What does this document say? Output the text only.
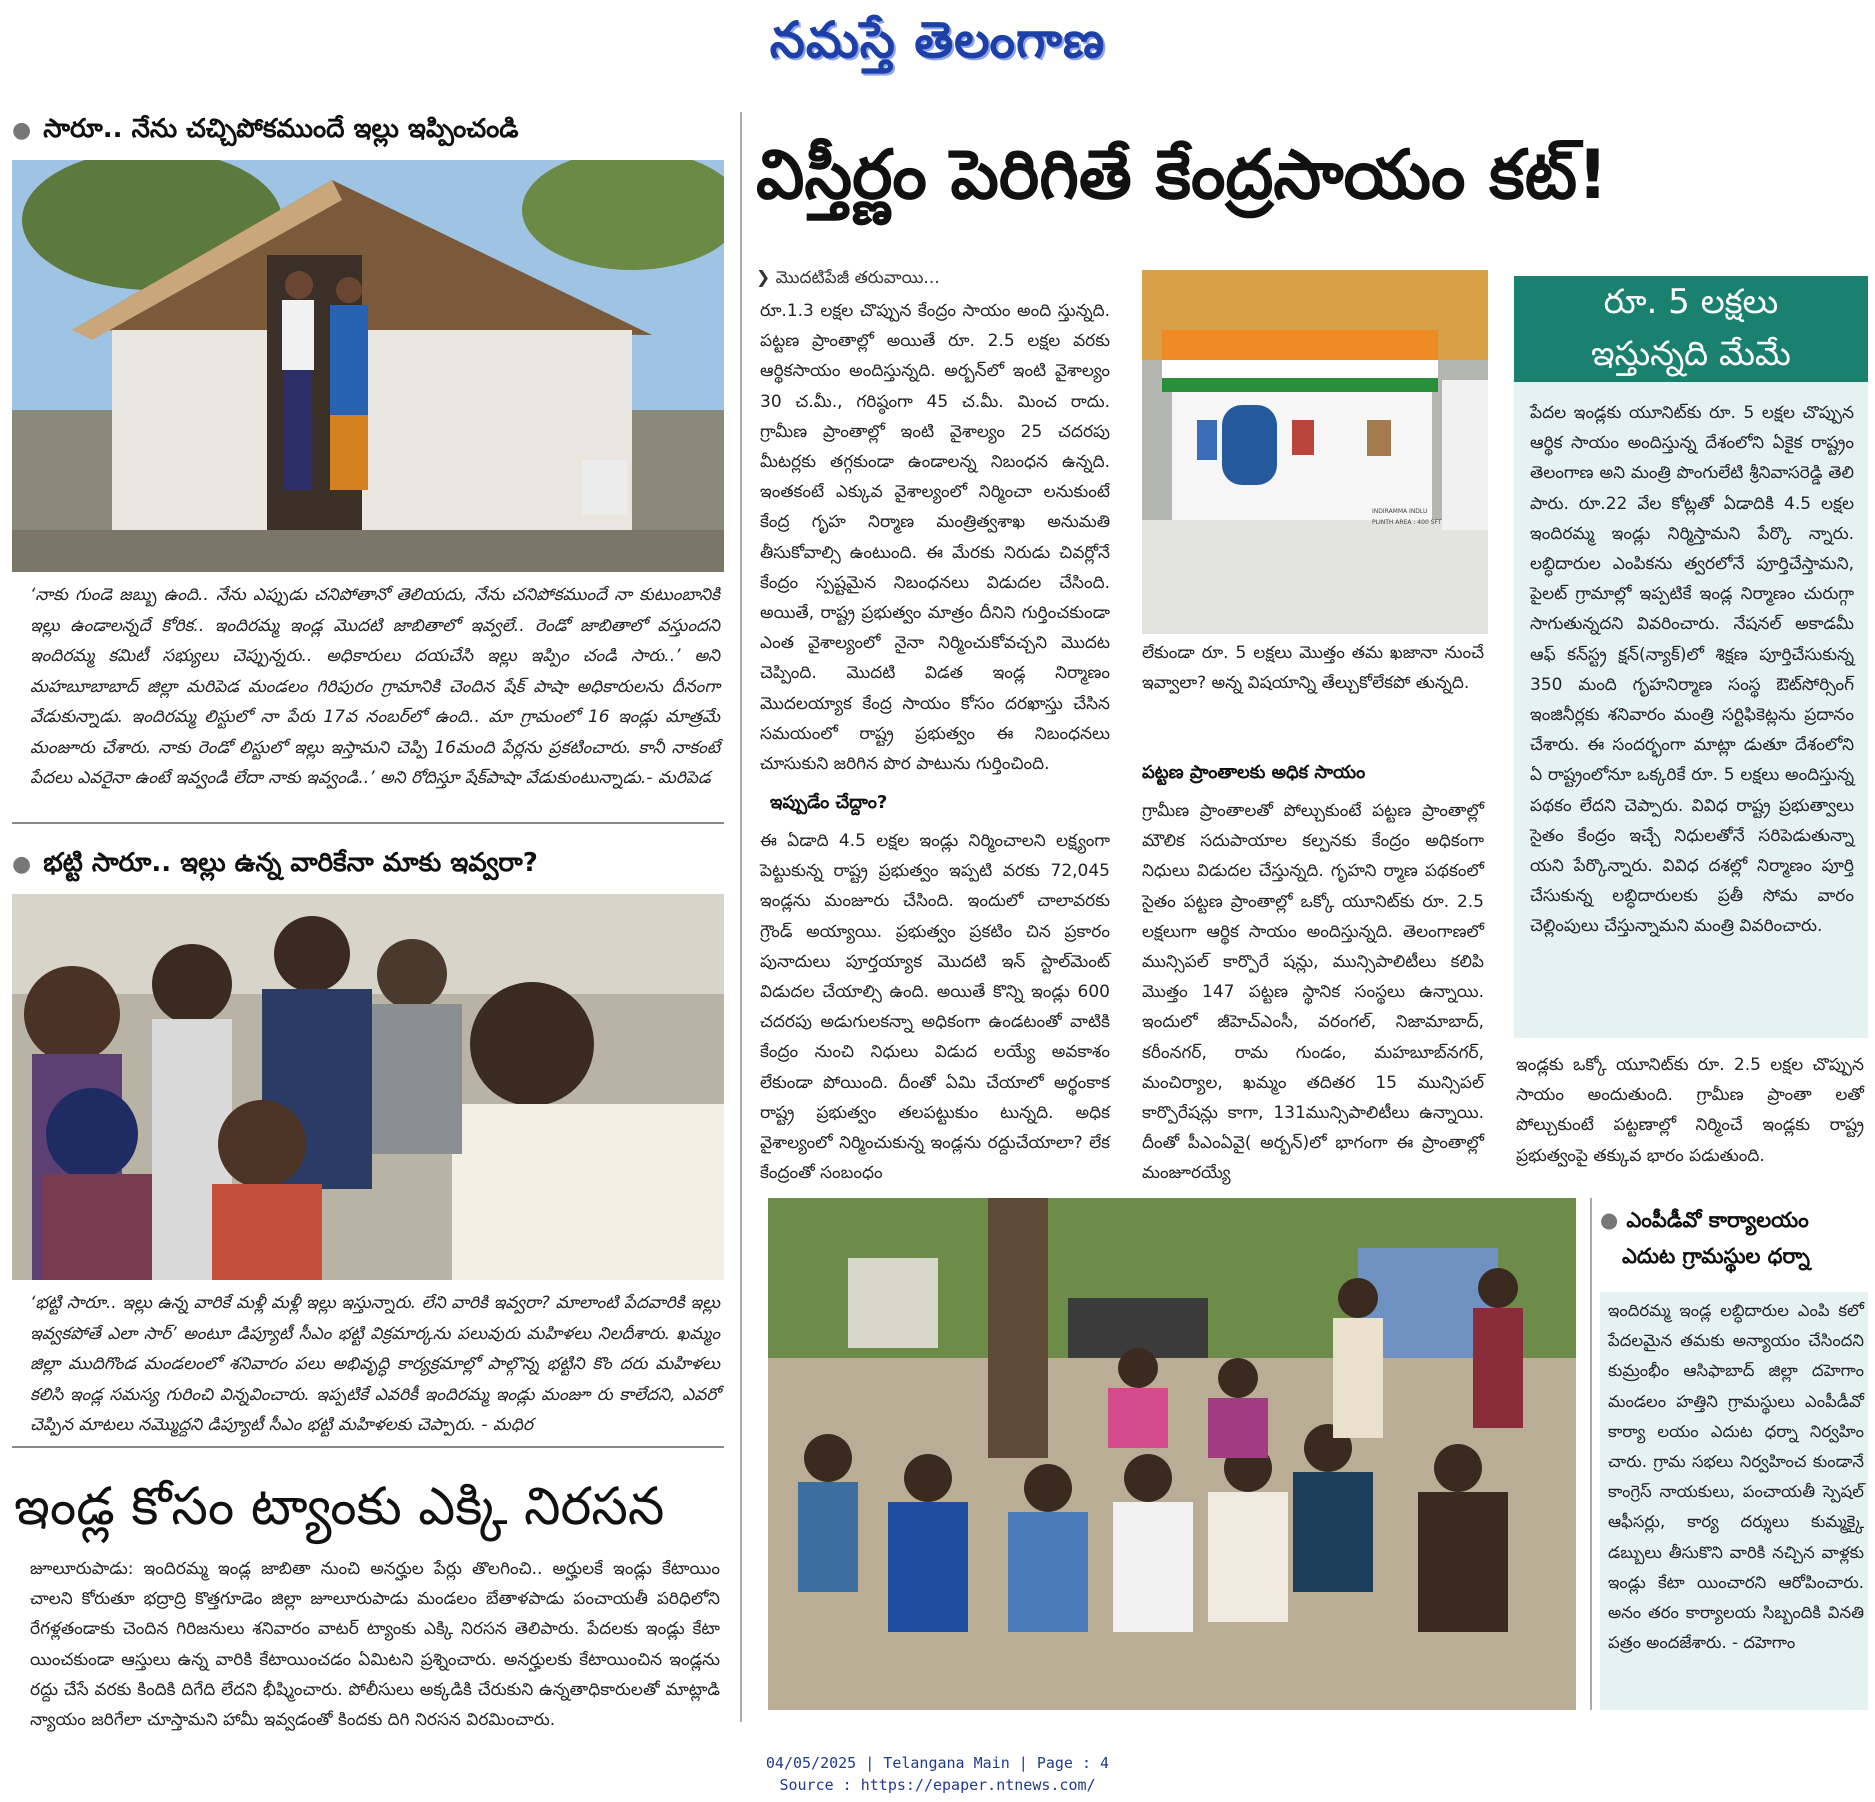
నమస్తే తెలంగాణ
● సారూ.. నేను చచ్చిపోకముందే ఇల్లు ఇప్పించండి
‘నాకు గుండె జబ్బు ఉంది.. నేను ఎప్పుడు చనిపోతానో తెలియదు, నేను చనిపోకముందే నా కుటుంబానికి ఇల్లు ఉండాలన్నదే కోరిక.. ఇందిరమ్మ ఇండ్ల మొదటి జాబితాలో ఇవ్వలే.. రెండో జాబితాలో వస్తుందని ఇందిరమ్మ కమిటీ సభ్యులు చెప్పున్నరు.. అధికారులు దయచేసి ఇల్లు ఇప్పిం చండి సారు..’ అని మహబూబాబాద్ జిల్లా మరిపెడ మండలం గిరిపురం గ్రామానికి చెందిన షేక్ పాషా అధికారులను దీనంగా వేడుకున్నాడు. ఇందిరమ్మ లిస్టులో నా పేరు 17వ నంబర్‌లో ఉంది.. మా గ్రామంలో 16 ఇండ్లు మాత్రమే మంజూరు చేశారు. నాకు రెండో లిస్టులో ఇల్లు ఇస్తామని చెప్పి 16మంది పేర్లను ప్రకటించారు. కానీ నాకంటే పేదలు ఎవరైనా ఉంటే ఇవ్వండి లేదా నాకు ఇవ్వండి..’ అని రోదిస్తూ షేక్‌పాషా వేడుకుంటున్నాడు.- మరిపెడ
● భట్టి సారూ.. ఇల్లు ఉన్న వారికేనా మాకు ఇవ్వరా?
‘భట్టి సారూ.. ఇల్లు ఉన్న వారికే మళ్లీ మళ్లీ ఇల్లు ఇస్తున్నారు. లేని వారికి ఇవ్వరా? మాలాంటి పేదవారికి ఇల్లు ఇవ్వకపోతే ఎలా సార్’ అంటూ డిప్యూటీ సీఎం భట్టి విక్రమార్కను పలువురు మహిళలు నిలదీశారు. ఖమ్మం జిల్లా ముదిగొండ మండలంలో శనివారం పలు అభివృద్ధి కార్యక్రమాల్లో పాల్గొన్న భట్టిని కొం దరు మహిళలు కలిసి ఇండ్ల సమస్య గురించి విన్నవించారు. ఇప్పటికే ఎవరికీ ఇందిరమ్మ ఇండ్లు మంజూ రు కాలేదని, ఎవరో చెప్పిన మాటలు నమ్మొద్దని డిప్యూటీ సీఎం భట్టి మహిళలకు చెప్పారు. - మధిర
ఇండ్ల కోసం ట్యాంకు ఎక్కి నిరసన
జూలూరుపాడు: ఇందిరమ్మ ఇండ్ల జాబితా నుంచి అనర్హుల పేర్లు తొలగించి.. అర్హులకే ఇండ్లు కేటాయిం చాలని కోరుతూ భద్రాద్రి కొత్తగూడెం జిల్లా జూలూరుపాడు మండలం బేతాళపాడు పంచాయతీ పరిధిలోని రేగళ్లతండాకు చెందిన గిరిజనులు శనివారం వాటర్ ట్యాంకు ఎక్కి నిరసన తెలిపారు. పేదలకు ఇండ్లు కేటా యించకుండా ఆస్తులు ఉన్న వారికి కేటాయించడం ఏమిటని ప్రశ్నించారు. అనర్హులకు కేటాయించిన ఇండ్లను రద్దు చేసే వరకు కిందికి దిగేది లేదని భీష్మించారు. పోలీసులు అక్కడికి చేరుకుని ఉన్నతాధికారులతో మాట్లాడి న్యాయం జరిగేలా చూస్తామని హామీ ఇవ్వడంతో కిందకు దిగి నిరసన విరమించారు.
విస్తీర్ణం పెరిగితే కేంద్రసాయం కట్!
❯ మొదటిపేజీ తరువాయి...
రూ.1.3 లక్షల చొప్పున కేంద్రం సాయం అంది స్తున్నది. పట్టణ ప్రాంతాల్లో అయితే రూ. 2.5 లక్షల వరకు ఆర్థికసాయం అందిస్తున్నది. అర్బన్‌లో ఇంటి వైశాల్యం 30 చ.మీ., గరిష్ఠంగా 45 చ.మీ. మించ రాదు. గ్రామీణ ప్రాంతాల్లో ఇంటి వైశాల్యం 25 చదరపు మీటర్లకు తగ్గకుండా ఉండాలన్న నిబంధన ఉన్నది. ఇంతకంటే ఎక్కువ వైశాల్యంలో నిర్మించా లనుకుంటే కేంద్ర గృహ నిర్మాణ మంత్రిత్వశాఖ అనుమతి తీసుకోవాల్సి ఉంటుంది. ఈ మేరకు నిరుడు చివర్లోనే కేంద్రం స్పష్టమైన నిబంధనలు విడుదల చేసింది. అయితే, రాష్ట్ర ప్రభుత్వం మాత్రం దీనిని గుర్తించకుండా ఎంత వైశాల్యంలో నైనా నిర్మించుకోవచ్చని మొదట చెప్పింది. మొదటి విడత ఇండ్ల నిర్మాణం మొదలయ్యాక కేంద్ర సాయం కోసం దరఖాస్తు చేసిన సమయంలో రాష్ట్ర ప్రభుత్వం ఈ నిబంధనలు చూసుకుని జరిగిన పొర పాటును గుర్తించింది.
ఇప్పుడేం చేద్దాం?
ఈ ఏడాది 4.5 లక్షల ఇండ్లు నిర్మించాలని లక్ష్యంగా పెట్టుకున్న రాష్ట్ర ప్రభుత్వం ఇప్పటి వరకు 72,045 ఇండ్లను మంజూరు చేసింది. ఇందులో చాలావరకు గ్రౌండ్ అయ్యాయి. ప్రభుత్వం ప్రకటిం చిన ప్రకారం పునాదులు పూర్తయ్యాక మొదటి ఇన్ స్టాల్‌మెంట్ విడుదల చేయాల్సి ఉంది. అయితే కొన్ని ఇండ్లు 600 చదరపు అడుగులకన్నా అధికంగా ఉండటంతో వాటికి కేంద్రం నుంచి నిధులు విడుద లయ్యే అవకాశం లేకుండా పోయింది. దీంతో ఏమి చేయాలో అర్థంకాక రాష్ట్ర ప్రభుత్వం తలపట్టుకుం టున్నది. అధిక వైశాల్యంలో నిర్మించుకున్న ఇండ్లను రద్దుచేయాలా? లేక కేంద్రంతో సంబంధం
INDIRAMMA INDLU
PLINTH AREA : 400 SFT
లేకుండా రూ. 5 లక్షలు మొత్తం తమ ఖజానా నుంచే ఇవ్వాలా? అన్న విషయాన్ని తేల్చుకోలేకపో తున్నది.
పట్టణ ప్రాంతాలకు అధిక సాయం
గ్రామీణ ప్రాంతాలతో పోల్చుకుంటే పట్టణ ప్రాంతాల్లో మౌలిక సదుపాయాల కల్పనకు కేంద్రం అధికంగా నిధులు విడుదల చేస్తున్నది. గృహని ర్మాణ పథకంలో సైతం పట్టణ ప్రాంతాల్లో ఒక్కో యూనిట్‌కు రూ. 2.5 లక్షలుగా ఆర్థిక సాయం అందిస్తున్నది. తెలంగాణలో మున్సిపల్ కార్పొరే షన్లు, మున్సిపాలిటీలు కలిపి మొత్తం 147 పట్టణ స్థానిక సంస్థలు ఉన్నాయి. ఇందులో జీహెచ్‌ఎంసీ, వరంగల్, నిజామాబాద్, కరీంనగర్, రామ గుండం, మహబూబ్‌నగర్, మంచిర్యాల, ఖమ్మం తదితర 15 మున్సిపల్ కార్పొరేషన్లు కాగా, 131మున్సిపాలిటీలు ఉన్నాయి. దీంతో పీఎంఏవై( అర్బన్)లో భాగంగా ఈ ప్రాంతాల్లో మంజూరయ్యే
రూ. 5 లక్షలు
ఇస్తున్నది మేమే
పేదల ఇండ్లకు యూనిట్‌కు రూ. 5 లక్షల చొప్పున ఆర్థిక సాయం అందిస్తున్న దేశంలోని ఏకైక రాష్ట్రం తెలంగాణ అని మంత్రి పొంగులేటి శ్రీనివాసరెడ్డి తెలి పారు. రూ.22 వేల కోట్లతో ఏడాదికి 4.5 లక్షల ఇందిరమ్మ ఇండ్లు నిర్మిస్తామని పేర్కొ న్నారు. లబ్ధిదారుల ఎంపికను త్వరలోనే పూర్తిచేస్తామని, పైలట్ గ్రామాల్లో ఇప్పటికే ఇండ్ల నిర్మాణం చురుగ్గా సాగుతున్నదని వివరించారు. నేషనల్ అకాడమీ ఆఫ్ కన్‌స్ట్ర క్షన్(న్యాక్)లో శిక్షణ పూర్తిచేసుకున్న 350 మంది గృహనిర్మాణ సంస్థ ఔట్‌సోర్సింగ్ ఇంజినీర్లకు శనివారం మంత్రి సర్టిఫికెట్లను ప్రదానం చేశారు. ఈ సందర్భంగా మాట్లా డుతూ దేశంలోని ఏ రాష్ట్రంలోనూ ఒక్కరికే రూ. 5 లక్షలు అందిస్తున్న పథకం లేదని చెప్పారు. వివిధ రాష్ట్ర ప్రభుత్వాలు సైతం కేంద్రం ఇచ్చే నిధులతోనే సరిపెడుతున్నా యని పేర్కొన్నారు. వివిధ దశల్లో నిర్మాణం పూర్తి చేసుకున్న లబ్ధిదారులకు ప్రతీ సోమ వారం చెల్లింపులు చేస్తున్నామని మంత్రి వివరించారు.
ఇండ్లకు ఒక్కో యూనిట్‌కు రూ. 2.5 లక్షల చొప్పున సాయం అందుతుంది. గ్రామీణ ప్రాంతా లతో పోల్చుకుంటే పట్టణాల్లో నిర్మించే ఇండ్లకు రాష్ట్ర ప్రభుత్వంపై తక్కువ భారం పడుతుంది.
● ఎంపీడీవో కార్యాలయం
ఎదుట గ్రామస్థుల ధర్నా
ఇందిరమ్మ ఇండ్ల లబ్ధిదారుల ఎంపి కలో పేదలమైన తమకు అన్యాయం చేసిందని కుమ్రంభీం ఆసిఫాబాద్ జిల్లా దహెగాం మండలం హత్తిని గ్రామస్థులు ఎంపీడీవో కార్యా లయం ఎదుట ధర్నా నిర్వహిం చారు. గ్రామ సభలు నిర్వహించ కుండానే కాంగ్రెస్ నాయకులు, పంచాయతీ స్పెషల్ ఆఫీసర్లు, కార్య దర్శులు కుమ్మక్కై డబ్బులు తీసుకొని వారికి నచ్చిన వాళ్లకు ఇండ్లు కేటా యించారని ఆరోపించారు. అనం తరం కార్యాలయ సిబ్బందికి వినతి పత్రం అందజేశారు. - దహెగాం
04/05/2025 | Telangana Main | Page : 4
Source : https://epaper.ntnews.com/
